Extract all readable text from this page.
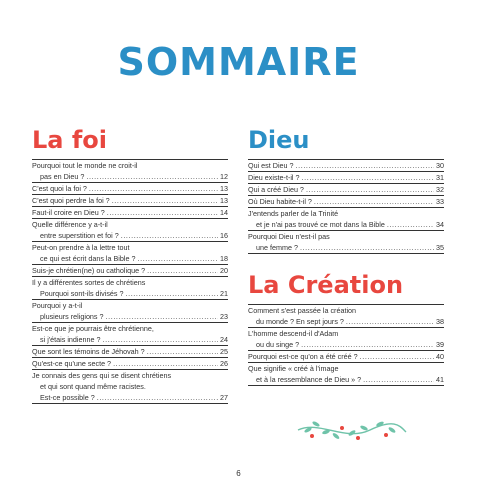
SOMMAIRE
La foi
Pourquoi tout le monde ne croit-il
pas en Dieu ? .....	12
C'est quoi la foi ? .....	13
C'est quoi perdre la foi ? .....	13
Faut-il croire en Dieu ? .....	14
Quelle différence y a-t-il
entre superstition et foi ? .....	16
Peut-on prendre à la lettre tout
ce qui est écrit dans la Bible ? .....	18
Suis-je chrétien(ne) ou catholique ? .....	20
Il y a différentes sortes de chrétiens
Pourquoi sont-ils divisés ? .....	21
Pourquoi y a-t-il
plusieurs religions ? .....	23
Est-ce que je pourrais être chrétienne,
si j'étais indienne ? .....	24
Que sont les témoins de Jéhovah ? .....	25
Qu'est-ce qu'une secte ? .....	26
Je connais des gens qui se disent chrétiens
et qui sont quand même racistes.
Est-ce possible ? .....	27
Dieu
Qui est Dieu ? .....	30
Dieu existe-t-il ? .....	31
Qui a créé Dieu ? .....	32
Où Dieu habite-t-il ? .....	33
J'entends parler de la Trinité
et je n'ai pas trouvé ce mot dans la Bible .....	34
Pourquoi Dieu n'est-il pas
une femme ? .....	35
La Création
Comment s'est passée la création
du monde ? En sept jours ? .....	38
L'homme descend-il d'Adam
ou du singe ? .....	39
Pourquoi est-ce qu'on a été créé ? .....	40
Que signifie « créé à l'image
et à la ressemblance de Dieu » ? .....	41
6
